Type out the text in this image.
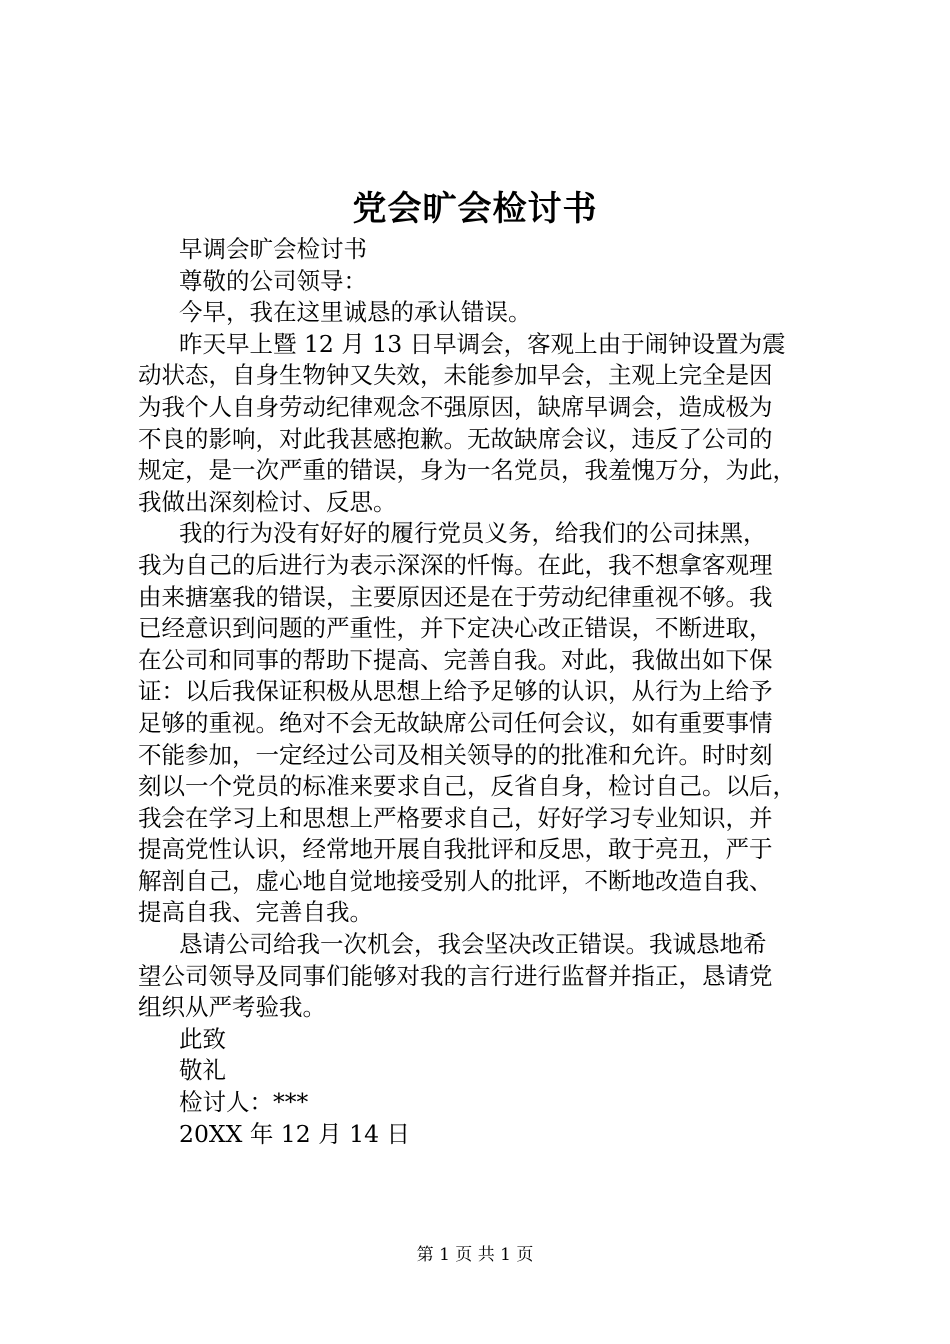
党会旷会检讨书

早调会旷会检讨书

尊敬的公司领导：

今早，我在这里诚恳的承认错误。

昨天早上暨 12 月 13 日早调会，客观上由于闹钟设置为震

动状态，自身生物钟又失效，未能参加早会，主观上完全是因

为我个人自身劳动纪律观念不强原因，缺席早调会，造成极为

不良的影响，对此我甚感抱歉。无故缺席会议，违反了公司的

规定，是一次严重的错误，身为一名党员，我羞愧万分，为此，

我做出深刻检讨、反思。

我的行为没有好好的履行党员义务，给我们的公司抹黑，

我为自己的后进行为表示深深的忏悔。在此，我不想拿客观理

由来搪塞我的错误，主要原因还是在于劳动纪律重视不够。我

已经意识到问题的严重性，并下定决心改正错误，不断进取，

在公司和同事的帮助下提高、完善自我。对此，我做出如下保

证：以后我保证积极从思想上给予足够的认识，从行为上给予

足够的重视。绝对不会无故缺席公司任何会议，如有重要事情

不能参加，一定经过公司及相关领导的的批准和允许。时时刻

刻以一个党员的标准来要求自己，反省自身，检讨自己。以后，

我会在学习上和思想上严格要求自己，好好学习专业知识，并

提高党性认识，经常地开展自我批评和反思，敢于亮丑，严于

解剖自己，虚心地自觉地接受别人的批评，不断地改造自我、

提高自我、完善自我。

恳请公司给我一次机会，我会坚决改正错误。我诚恳地希

望公司领导及同事们能够对我的言行进行监督并指正，恳请党

组织从严考验我。

此致

敬礼

检讨人：***

20XX 年 12 月 14 日

第 1 页 共 1 页
